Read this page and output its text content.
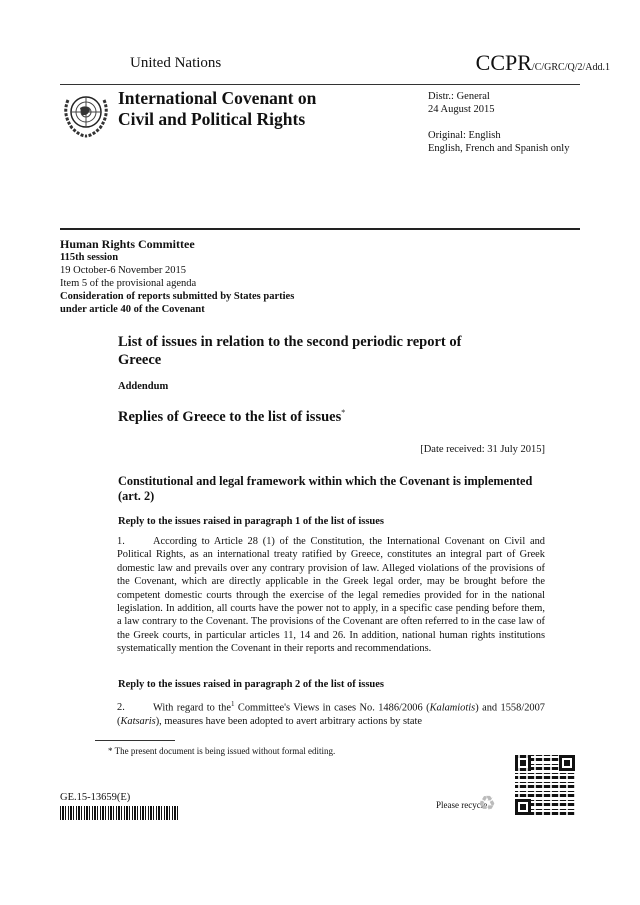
United Nations	CCPR/C/GRC/Q/2/Add.1
International Covenant on
Civil and Political Rights
Distr.: General
24 August 2015
Original: English
English, French and Spanish only
Human Rights Committee
115th session
19 October-6 November 2015
Item 5 of the provisional agenda
Consideration of reports submitted by States parties
under article 40 of the Covenant
List of issues in relation to the second periodic report of Greece
Addendum
Replies of Greece to the list of issues*
[Date received: 31 July 2015]
Constitutional and legal framework within which the Covenant is implemented (art. 2)
Reply to the issues raised in paragraph 1 of the list of issues
1.	According to Article 28 (1) of the Constitution, the International Covenant on Civil and Political Rights, as an international treaty ratified by Greece, constitutes an integral part of Greek domestic law and prevails over any contrary provision of law. Alleged violations of the provisions of the Covenant, which are directly applicable in the Greek legal order, may be brought before the competent domestic courts through the exercise of the legal remedies provided for in the national legislation. In addition, all courts have the power not to apply, in a specific case pending before them, a law contrary to the Covenant. The provisions of the Covenant are often referred to in the case law of the Greek courts, in particular articles 11, 14 and 26. In addition, national human rights institutions systematically mention the Covenant in their reports and recommendations.
Reply to the issues raised in paragraph 2 of the list of issues
2.	With regard to the$^1$ Committee's Views in cases No. 1486/2006 (Kalamiotis) and 1558/2007 (Katsaris), measures have been adopted to avert arbitrary actions by state
* The present document is being issued without formal editing.
GE.15-13659(E)
Please recycle
♻
